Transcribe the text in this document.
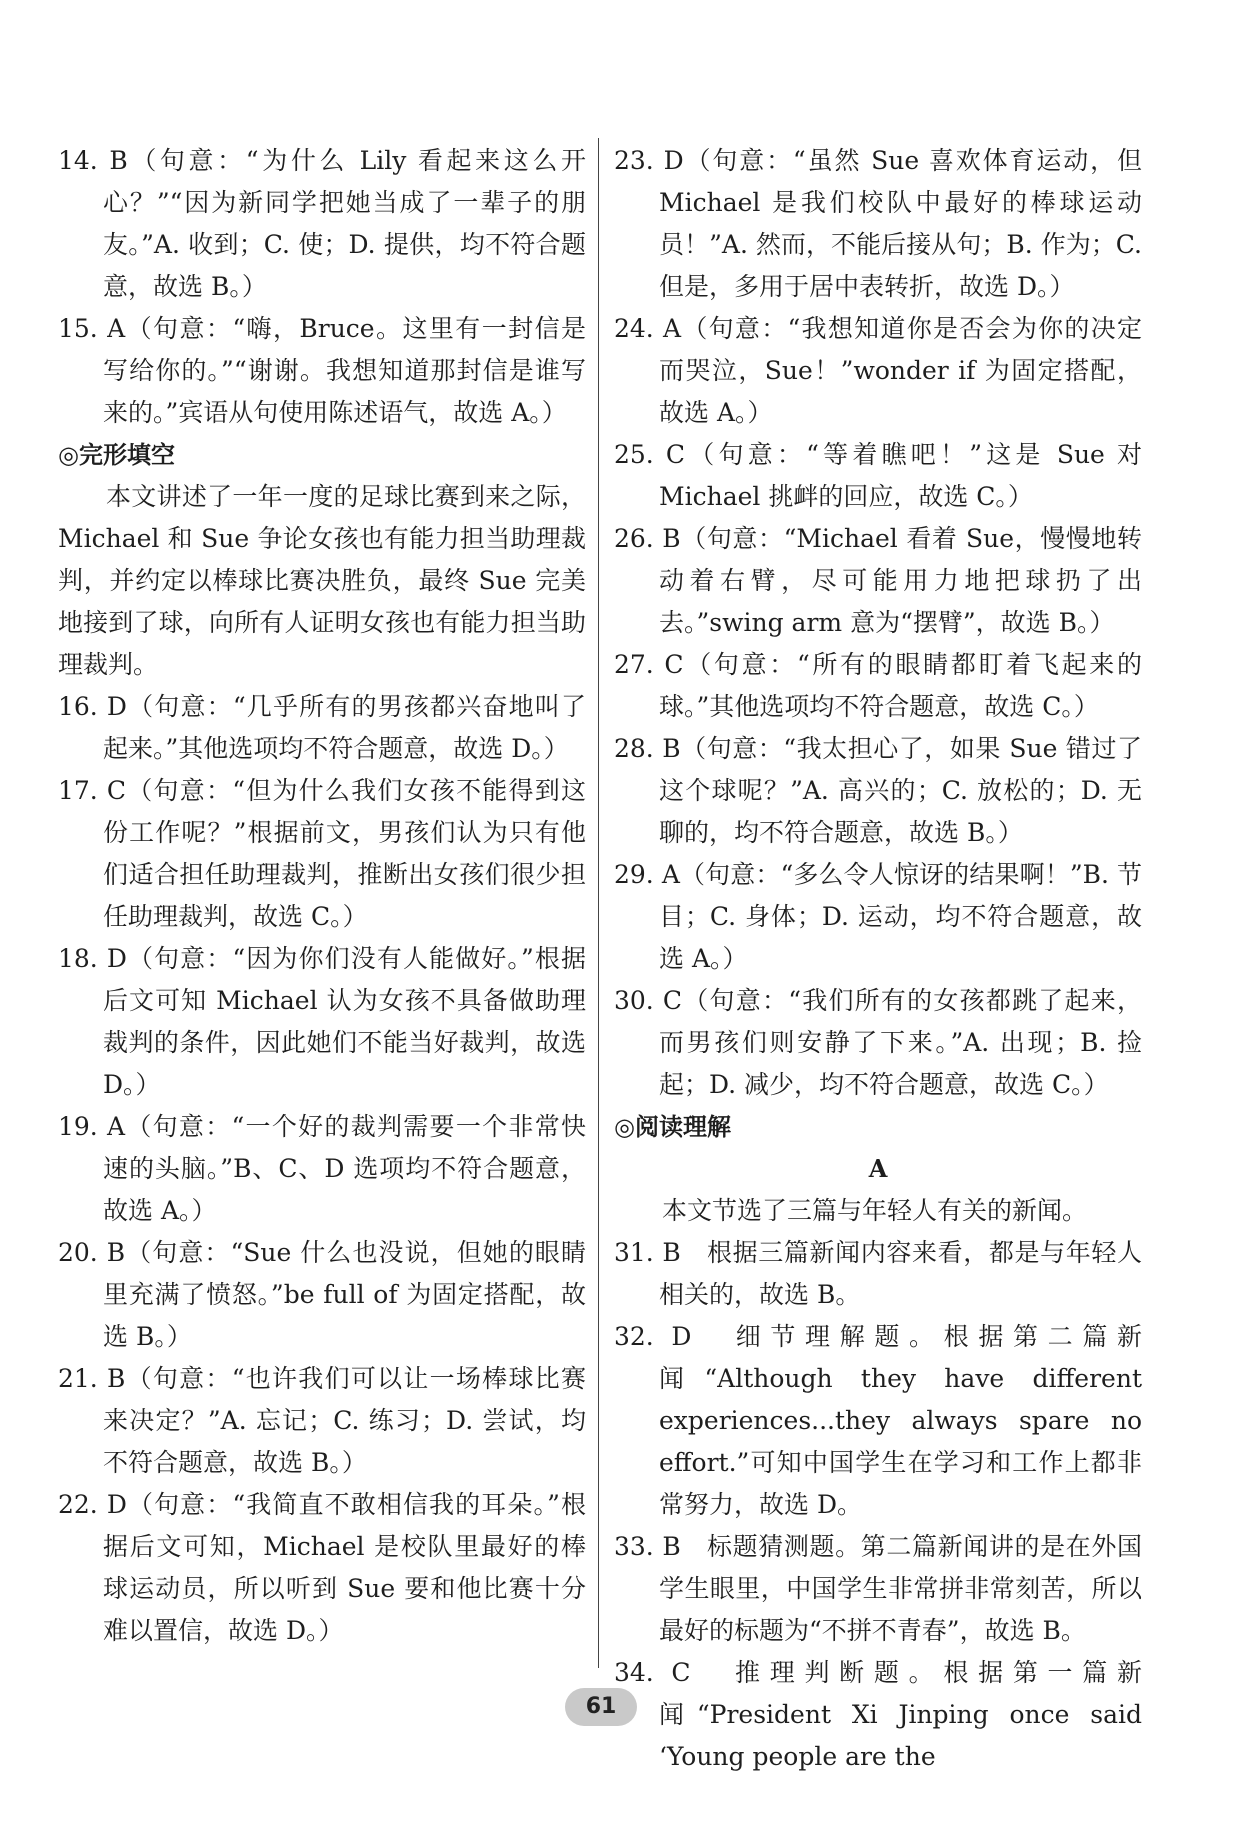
14. B（句意：“为什么 Lily 看起来这么开心？”“因为新同学把她当成了一辈子的朋友。”A. 收到；C. 使；D. 提供，均不符合题意，故选 B。）

15. A（句意：“嗨，Bruce。这里有一封信是写给你的。”“谢谢。我想知道那封信是谁写来的。”宾语从句使用陈述语气，故选 A。）

◎完形填空

本文讲述了一年一度的足球比赛到来之际，Michael 和 Sue 争论女孩也有能力担当助理裁判，并约定以棒球比赛决胜负，最终 Sue 完美地接到了球，向所有人证明女孩也有能力担当助理裁判。

16. D（句意：“几乎所有的男孩都兴奋地叫了起来。”其他选项均不符合题意，故选 D。）

17. C（句意：“但为什么我们女孩不能得到这份工作呢？”根据前文，男孩们认为只有他们适合担任助理裁判，推断出女孩们很少担任助理裁判，故选 C。）

18. D（句意：“因为你们没有人能做好。”根据后文可知 Michael 认为女孩不具备做助理裁判的条件，因此她们不能当好裁判，故选 D。）

19. A（句意：“一个好的裁判需要一个非常快速的头脑。”B、C、D 选项均不符合题意，故选 A。）

20. B（句意：“Sue 什么也没说，但她的眼睛里充满了愤怒。”be full of 为固定搭配，故选 B。）

21. B（句意：“也许我们可以让一场棒球比赛来决定？”A. 忘记；C. 练习；D. 尝试，均不符合题意，故选 B。）

22. D（句意：“我简直不敢相信我的耳朵。”根据后文可知，Michael 是校队里最好的棒球运动员，所以听到 Sue 要和他比赛十分难以置信，故选 D。）

23. D（句意：“虽然 Sue 喜欢体育运动，但 Michael 是我们校队中最好的棒球运动员！”A. 然而，不能后接从句；B. 作为；C. 但是，多用于居中表转折，故选 D。）

24. A（句意：“我想知道你是否会为你的决定而哭泣，Sue！”wonder if 为固定搭配，故选 A。）

25. C（句意：“等着瞧吧！”这是 Sue 对 Michael 挑衅的回应，故选 C。）

26. B（句意：“Michael 看着 Sue，慢慢地转动着右臂，尽可能用力地把球扔了出去。”swing arm 意为“摆臂”，故选 B。）

27. C（句意：“所有的眼睛都盯着飞起来的球。”其他选项均不符合题意，故选 C。）

28. B（句意：“我太担心了，如果 Sue 错过了这个球呢？”A. 高兴的；C. 放松的；D. 无聊的，均不符合题意，故选 B。）

29. A（句意：“多么令人惊讶的结果啊！”B. 节目；C. 身体；D. 运动，均不符合题意，故选 A。）

30. C（句意：“我们所有的女孩都跳了起来，而男孩们则安静了下来。”A. 出现；B. 捡起；D. 减少，均不符合题意，故选 C。）

◎阅读理解
A

本文节选了三篇与年轻人有关的新闻。

31. B　根据三篇新闻内容来看，都是与年轻人相关的，故选 B。

32. D　细节理解题。根据第二篇新闻“Although they have different experiences...they always spare no effort.”可知中国学生在学习和工作上都非常努力，故选 D。

33. B　标题猜测题。第二篇新闻讲的是在外国学生眼里，中国学生非常拼非常刻苦，所以最好的标题为“不拼不青春”，故选 B。

34. C　推理判断题。根据第一篇新闻“President Xi Jinping once said ‘Young people are the

61
